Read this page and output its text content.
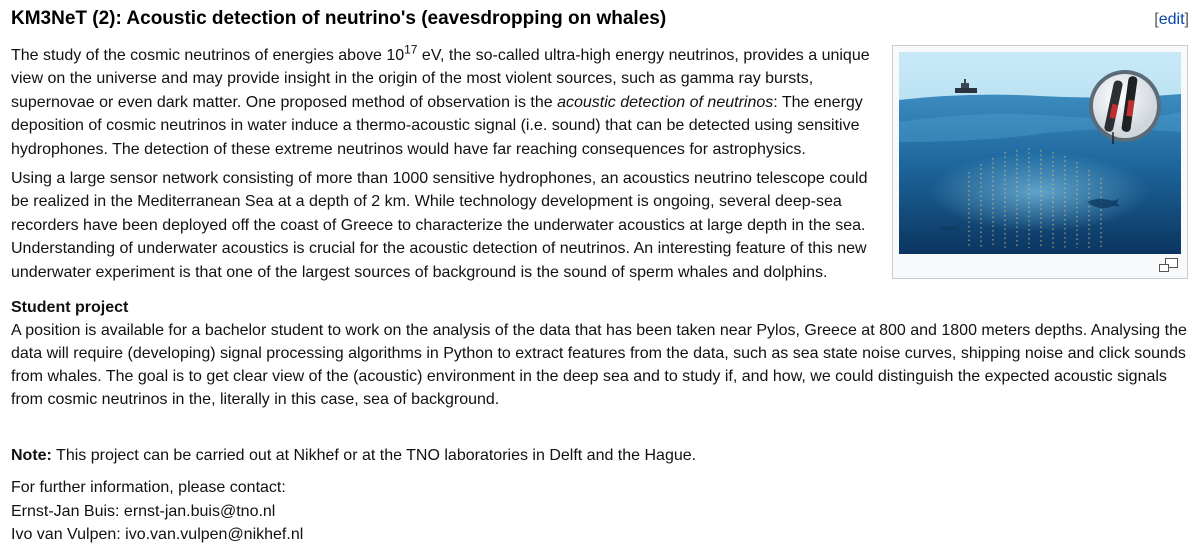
KM3NeT (2): Acoustic detection of neutrino's (eavesdropping on whales)	[edit]

The study of the cosmic neutrinos of energies above $10^{17}$ eV, the so-called ultra-high energy neutrinos, provides a unique view on the universe and may provide insight in the origin of the most violent sources, such as gamma ray bursts, supernovae or even dark matter. One proposed method of observation is the acoustic detection of neutrinos: The energy deposition of cosmic neutrinos in water induce a thermo-acoustic signal (i.e. sound) that can be detected using sensitive hydrophones. The detection of these extreme neutrinos would have far reaching consequences for astrophysics.

Using a large sensor network consisting of more than 1000 sensitive hydrophones, an acoustics neutrino telescope could be realized in the Mediterranean Sea at a depth of 2 km. While technology development is ongoing, several deep-sea recorders have been deployed off the coast of Greece to characterize the underwater acoustics at large depth in the sea. Understanding of underwater acoustics is crucial for the acoustic detection of neutrinos. An interesting feature of this new underwater experiment is that one of the largest sources of background is the sound of sperm whales and dolphins.

Student project

A position is available for a bachelor student to work on the analysis of the data that has been taken near Pylos, Greece at 800 and 1800 meters depths. Analysing the data will require (developing) signal processing algorithms in Python to extract features from the data, such as sea state noise curves, shipping noise and click sounds from whales. The goal is to get clear view of the (acoustic) environment in the deep sea and to study if, and how, we could distinguish the expected acoustic signals from cosmic neutrinos in the, literally in this case, sea of background.

Note: This project can be carried out at Nikhef or at the TNO laboratories in Delft and the Hague.
For further information, please contact:
Ernst-Jan Buis: ernst-jan.buis@tno.nl
Ivo van Vulpen: ivo.van.vulpen@nikhef.nl
